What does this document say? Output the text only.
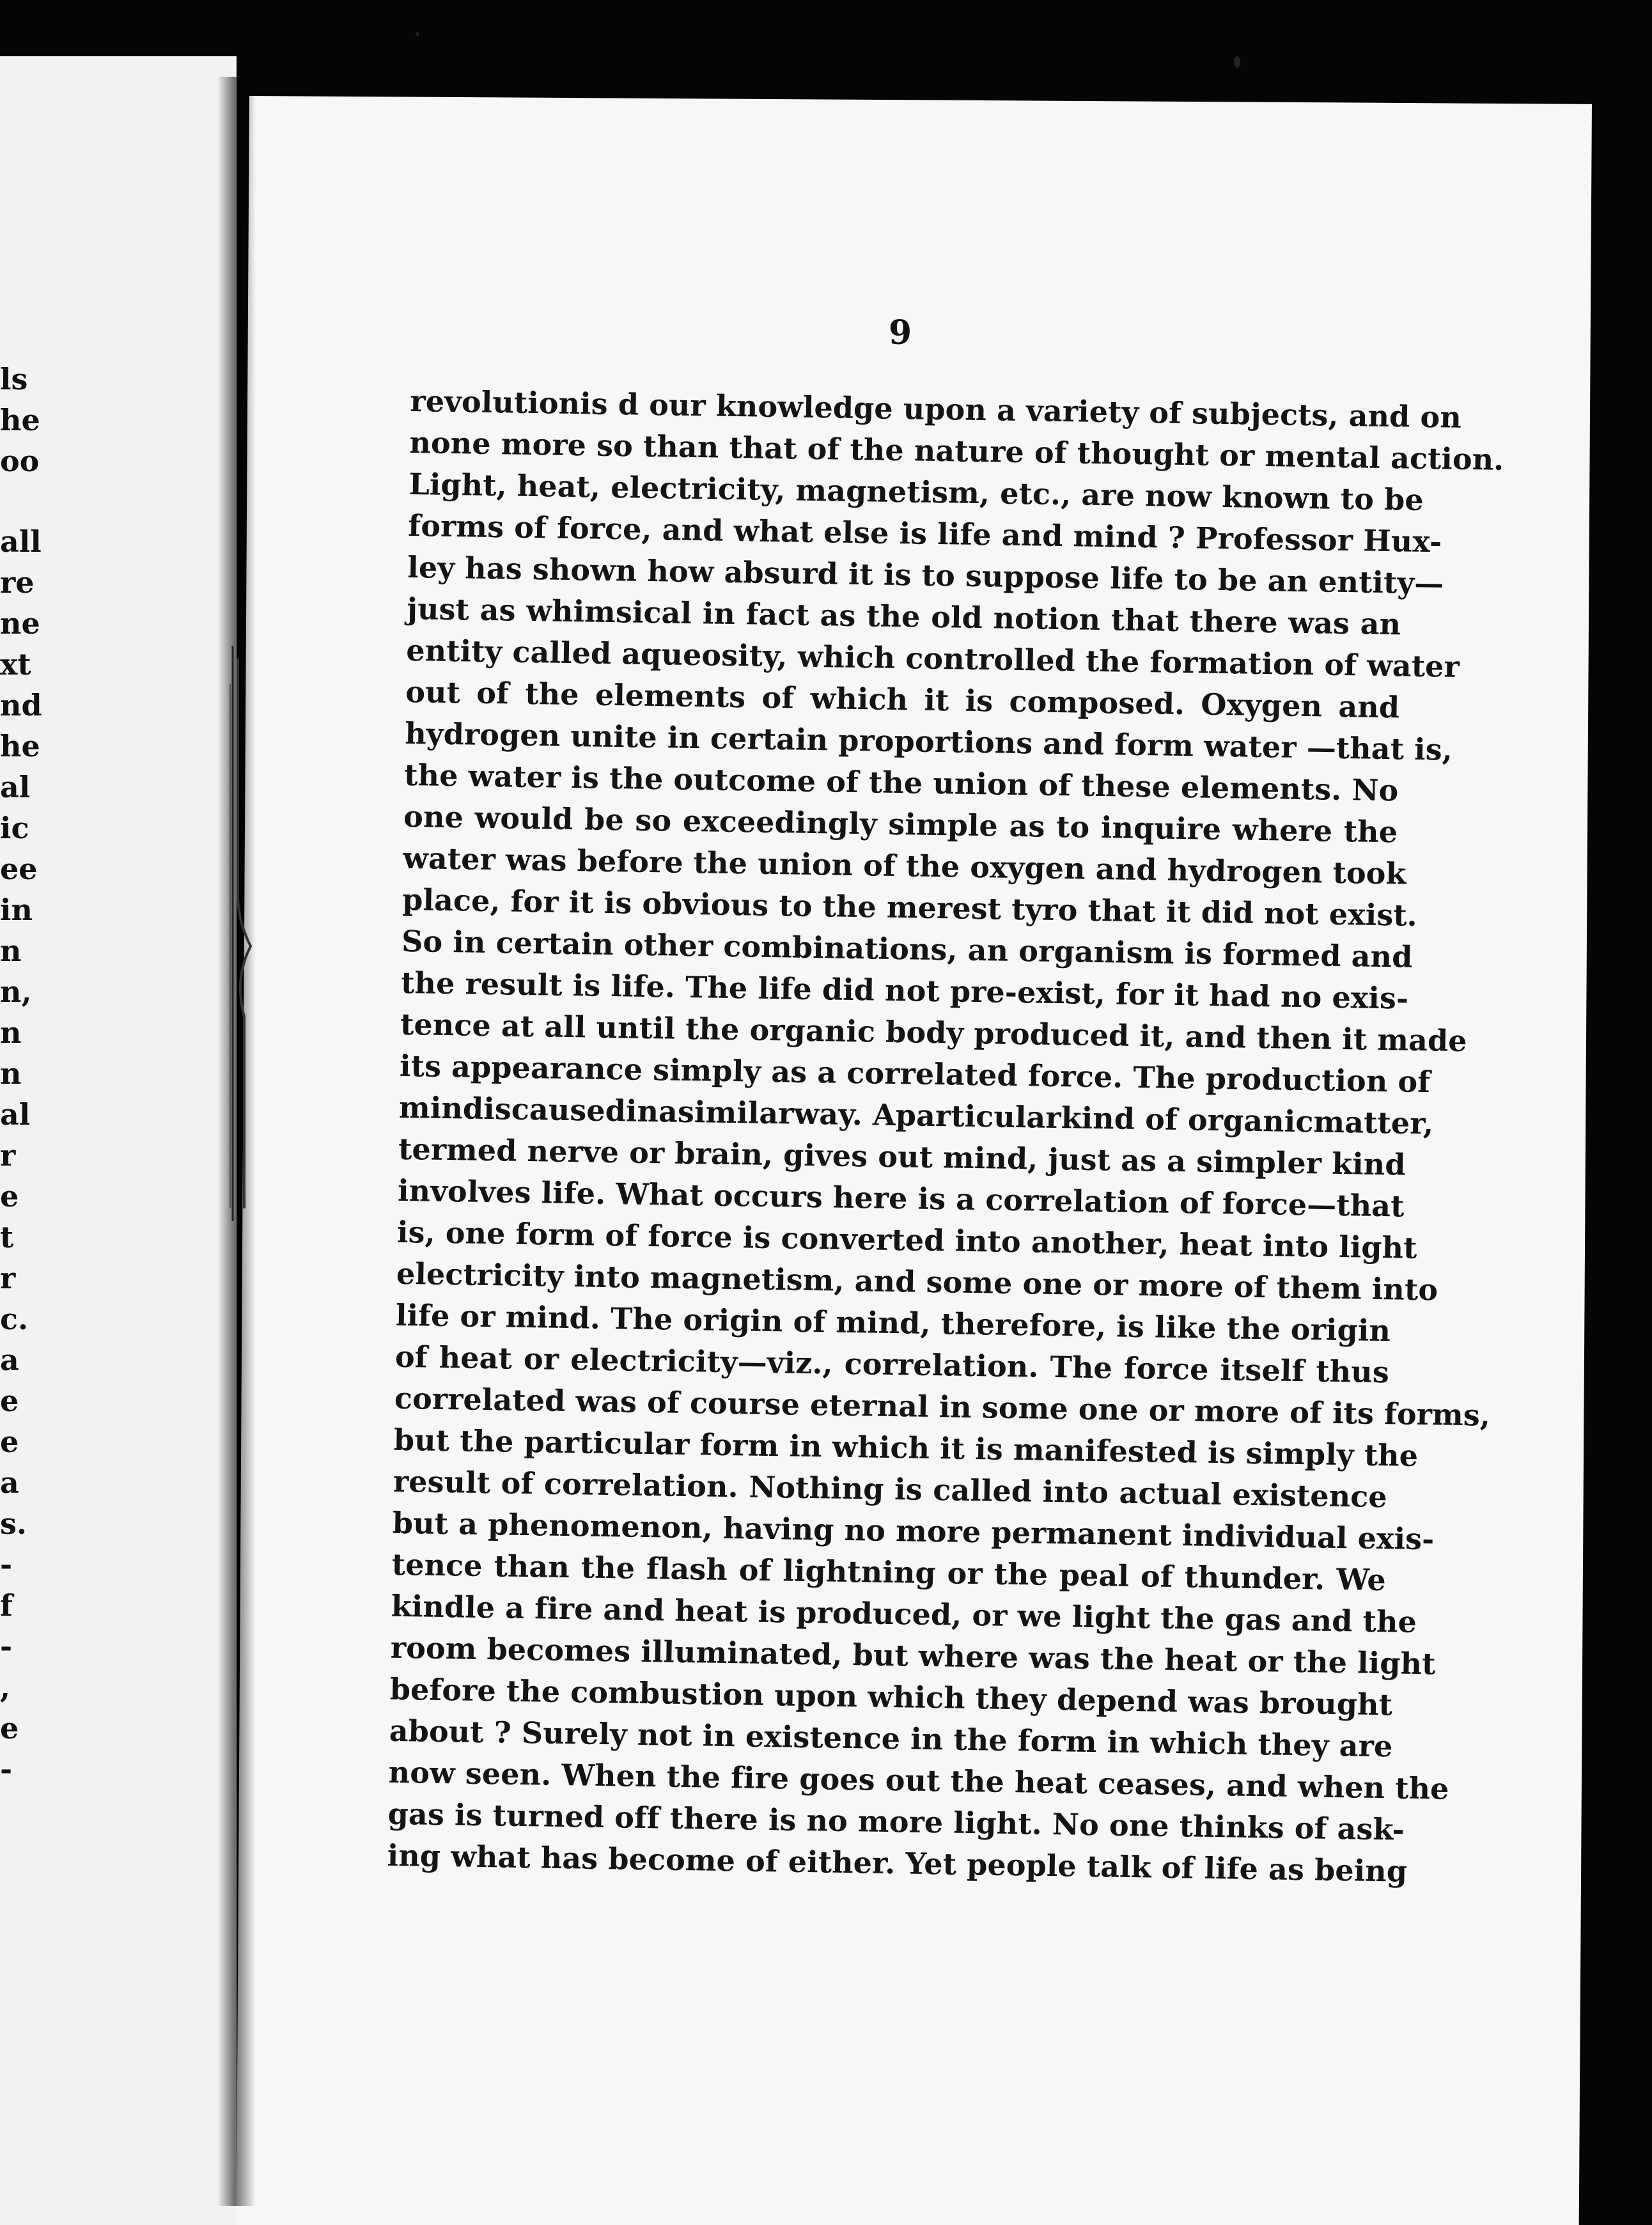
ls
he
oo
all
re
ne
xt
nd
he
al
ic
ee
in
n
n,
n
n
al
r
e
t
r
c.
a
e
e
a
s.
-
f
-
,
e
-
9
revolutionis d our knowledge upon a variety of subjects, and on
none more so than that of the nature of thought or mental action.
Light, heat, electricity, magnetism, etc., are now known to be
forms of force, and what else is life and mind ? Professor Hux-
ley has shown how absurd it is to suppose life to be an entity—
just as whimsical in fact as the old notion that there was an
entity called aqueosity, which controlled the formation of water
out of the elements of which it is composed. Oxygen and
hydrogen unite in certain proportions and form water —that is,
the water is the outcome of the union of these elements. No
one would be so exceedingly simple as to inquire where the
water was before the union of the oxygen and hydrogen took
place, for it is obvious to the merest tyro that it did not exist.
So in certain other combinations, an organism is formed and
the result is life. The life did not pre-exist, for it had no exis-
tence at all until the organic body produced it, and then it made
its appearance simply as a correlated force. The production of
mindiscausedinasimilarway. Aparticularkind of organicmatter,
termed nerve or brain, gives out mind, just as a simpler kind
involves life. What occurs here is a correlation of force—that
is, one form of force is converted into another, heat into light
electricity into magnetism, and some one or more of them into
life or mind. The origin of mind, therefore, is like the origin
of heat or electricity—viz., correlation. The force itself thus
correlated was of course eternal in some one or more of its forms,
but the particular form in which it is manifested is simply the
result of correlation. Nothing is called into actual existence
but a phenomenon, having no more permanent individual exis-
tence than the flash of lightning or the peal of thunder. We
kindle a fire and heat is produced, or we light the gas and the
room becomes illuminated, but where was the heat or the light
before the combustion upon which they depend was brought
about ? Surely not in existence in the form in which they are
now seen. When the fire goes out the heat ceases, and when the
gas is turned off there is no more light. No one thinks of ask-
ing what has become of either. Yet people talk of life as being
